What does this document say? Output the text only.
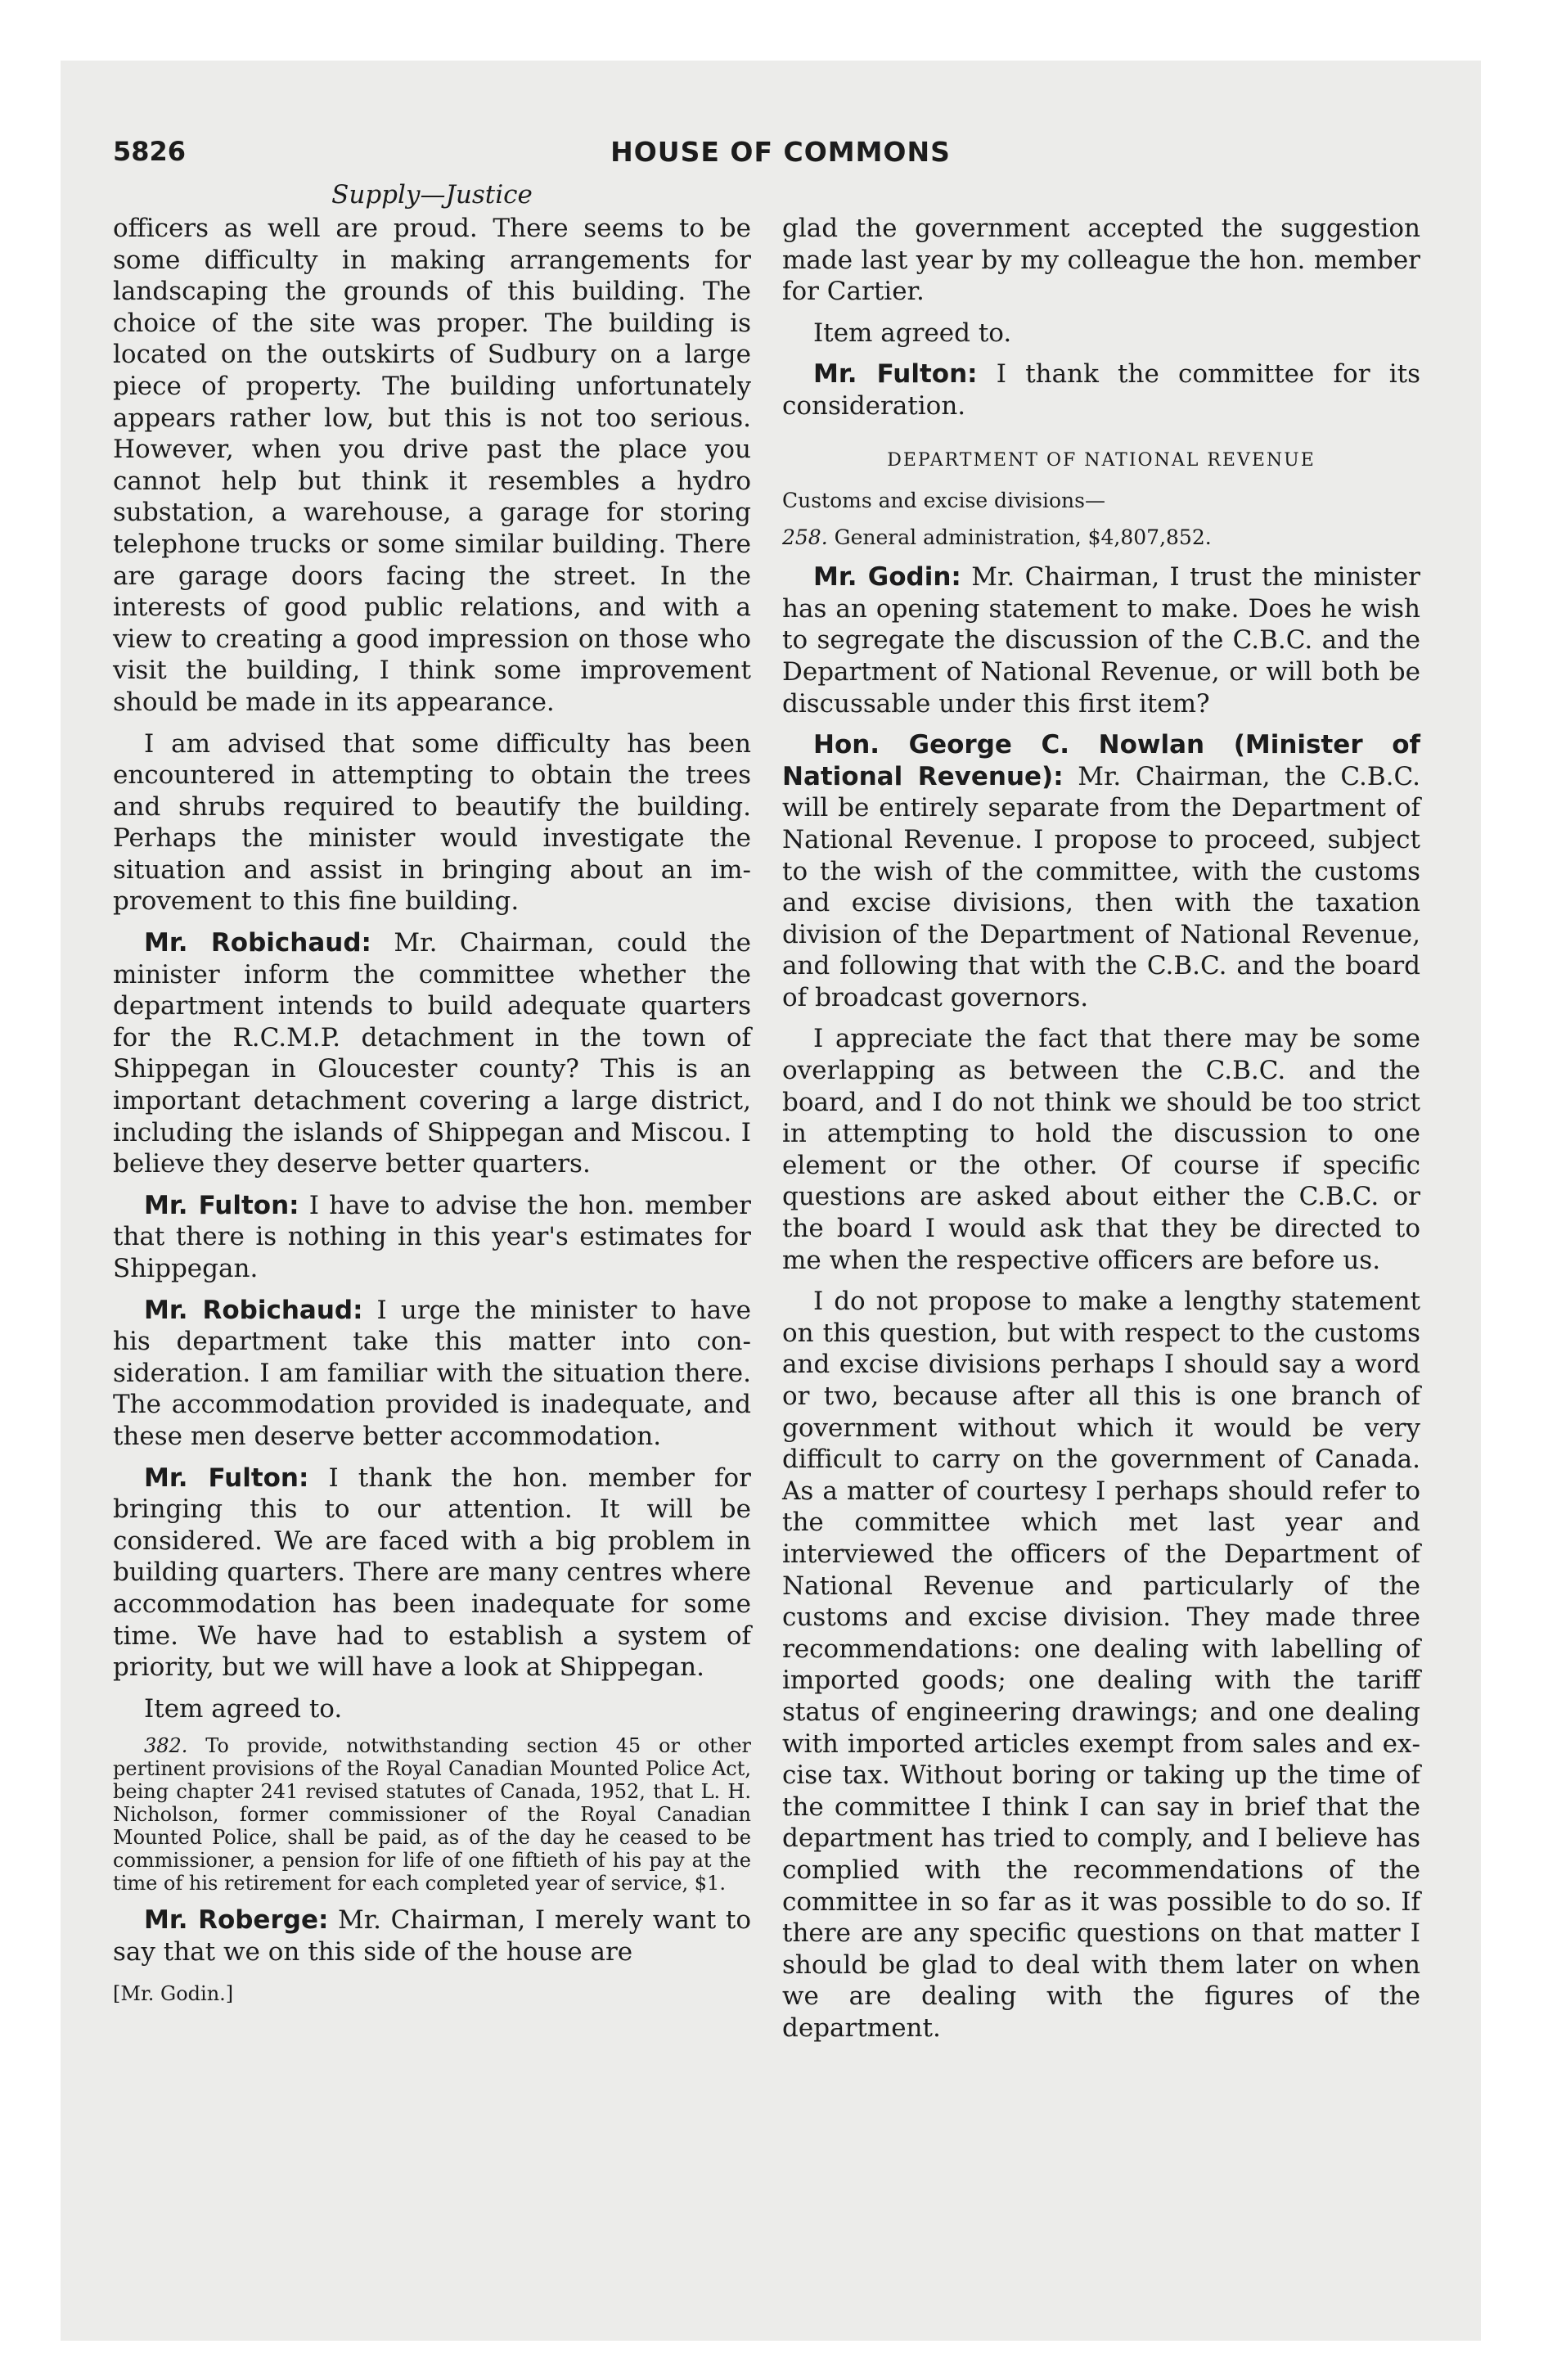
5826	HOUSE OF COMMONS
Supply—Justice

officers as well are proud. There seems to be some difficulty in making arrangements for landscaping the grounds of this building. The choice of the site was proper. The building is located on the outskirts of Sudbury on a large piece of property. The building unfortunately appears rather low, but this is not too serious. However, when you drive past the place you cannot help but think it resembles a hydro substation, a warehouse, a garage for storing telephone trucks or some similar building. There are garage doors facing the street. In the interests of good public relations, and with a view to creating a good impression on those who visit the building, I think some improvement should be made in its appearance.

I am advised that some difficulty has been encountered in attempting to obtain the trees and shrubs required to beautify the building. Perhaps the minister would investigate the situation and assist in bringing about an improvement to this fine building.

Mr. Robichaud: Mr. Chairman, could the minister inform the committee whether the department intends to build adequate quarters for the R.C.M.P. detachment in the town of Shippegan in Gloucester county? This is an important detachment covering a large district, including the islands of Shippegan and Miscou. I believe they deserve better quarters.

Mr. Fulton: I have to advise the hon. member that there is nothing in this year's estimates for Shippegan.

Mr. Robichaud: I urge the minister to have his department take this matter into consideration. I am familiar with the situation there. The accommodation provided is inadequate, and these men deserve better accommodation.

Mr. Fulton: I thank the hon. member for bringing this to our attention. It will be considered. We are faced with a big problem in building quarters. There are many centres where accommodation has been inadequate for some time. We have had to establish a system of priority, but we will have a look at Shippegan.

Item agreed to.

382. To provide, notwithstanding section 45 or other pertinent provisions of the Royal Canadian Mounted Police Act, being chapter 241 revised statutes of Canada, 1952, that L. H. Nicholson, former commissioner of the Royal Canadian Mounted Police, shall be paid, as of the day he ceased to be commissioner, a pension for life of one fiftieth of his pay at the time of his retirement for each completed year of service, $1.

Mr. Roberge: Mr. Chairman, I merely want to say that we on this side of the house are

[Mr. Godin.]

glad the government accepted the suggestion made last year by my colleague the hon. member for Cartier.

Item agreed to.

Mr. Fulton: I thank the committee for its consideration.

DEPARTMENT OF NATIONAL REVENUE

Customs and excise divisions—

258. General administration, $4,807,852.

Mr. Godin: Mr. Chairman, I trust the minister has an opening statement to make. Does he wish to segregate the discussion of the C.B.C. and the Department of National Revenue, or will both be discussable under this first item?

Hon. George C. Nowlan (Minister of National Revenue): Mr. Chairman, the C.B.C. will be entirely separate from the Department of National Revenue. I propose to proceed, subject to the wish of the committee, with the customs and excise divisions, then with the taxation division of the Department of National Revenue, and following that with the C.B.C. and the board of broadcast governors.

I appreciate the fact that there may be some overlapping as between the C.B.C. and the board, and I do not think we should be too strict in attempting to hold the discussion to one element or the other. Of course if specific questions are asked about either the C.B.C. or the board I would ask that they be directed to me when the respective officers are before us.

I do not propose to make a lengthy statement on this question, but with respect to the customs and excise divisions perhaps I should say a word or two, because after all this is one branch of government without which it would be very difficult to carry on the government of Canada. As a matter of courtesy I perhaps should refer to the committee which met last year and interviewed the officers of the Department of National Revenue and particularly of the customs and excise division. They made three recommendations: one dealing with labelling of imported goods; one dealing with the tariff status of engineering drawings; and one dealing with imported articles exempt from sales and excise tax. Without boring or taking up the time of the committee I think I can say in brief that the department has tried to comply, and I believe has complied with the recommendations of the committee in so far as it was possible to do so. If there are any specific questions on that matter I should be glad to deal with them later on when we are dealing with the figures of the department.
